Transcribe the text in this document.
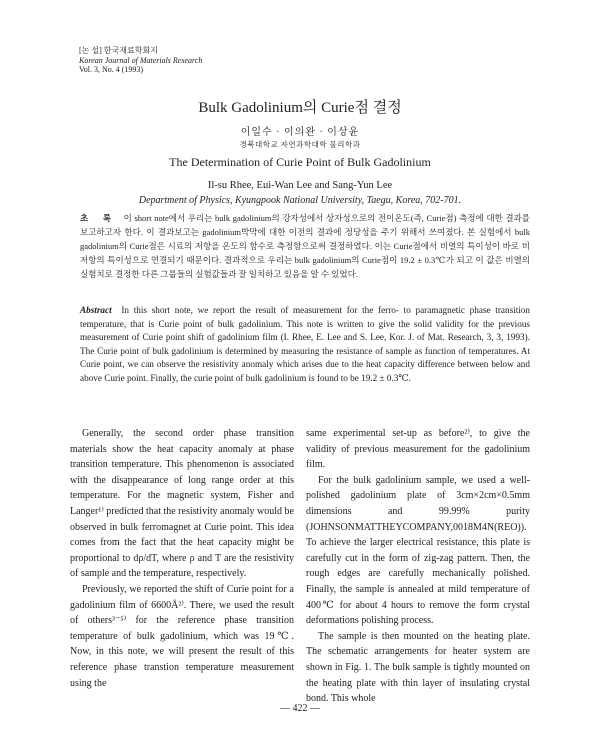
[논 설] 한국재료학회지
Korean Journal of Materials Research
Vol. 3, No. 4 (1993)
Bulk Gadolinium의 Curie점 결정
이일수 · 이의완 · 이상윤
경북대학교 자연과학대학 물리학과
The Determination of Curie Point of Bulk Gadolinium
Il-su Rhee, Eui-Wan Lee and Sang-Yun Lee
Department of Physics, Kyungpook National University, Taegu, Korea, 702-701.
초 록 이 short note에서 우리는 bulk gadolinium의 강자성에서 상자성으로의 전이온도(즉, Curie점) 측정에 대한 결과를 보고하고자 한다. 이 결과보고는 gadolinium박막에 대한 이전의 결과에 정당성을 주기 위해서 쓰여졌다. 본 실험에서 bulk gadolinium의 Curie점은 시료의 저항을 온도의 함수로 측정함으로써 결정하였다. 이는 Curie점에서 비열의 특이성이 바로 비저항의 특이성으로 연결되기 때문이다. 결과적으로 우리는 bulk gadolinium의 Curie점이 19.2 ± 0.3℃가 되고 이 값은 비열의 실험치로 결정한 다른 그룹들의 실험값들과 잘 일치하고 있음을 알 수 있었다.
Abstract In this short note, we report the result of measurement for the ferro- to paramagnetic phase transition temperature, that is Curie point of bulk gadolinium. This note is written to give the solid validity for the previous measurement of Curie point shift of gadolinium film (I. Rhee, E. Lee and S. Lee, Kor. J. of Mat. Research, 3, 3, 1993). The Curie point of bulk gadolinium is determined by measuring the resistance of sample as function of temperatures. At Curie point, we can observe the resistivity anomaly which arises due to the heat capacity difference between below and above Curie point. Finally, the curie point of bulk gadolinium is found to be 19.2 ± 0.3℃.

Generally, the second order phase transition materials show the heat capacity anomaly at phase transition temperature. This phenomenon is associated with the disappearance of long range order at this temperature. For the magnetic system, Fisher and Langer¹⁾ predicted that the resistivity anomaly would be observed in bulk ferromagnet at Curie point. This idea comes from the fact that the heat capacity might be proportional to dρ/dT, where ρ and T are the resistivity of sample and the temperature, respectively.

Previously, we reported the shift of Curie point for a gadolinium film of 6600Å²⁾. There, we used the result of others³⁻⁵⁾ for the reference phase transition temperature of bulk gadolinium, which was 19℃. Now, in this note, we will present the result of this reference phase transtion temperature measurement using the

same experimental set-up as before²⁾, to give the validity of previous measurement for the gadolinium film.

For the bulk gadolinium sample, we used a well-polished gadolinium plate of 3cm×2cm×0.5mm dimensions and 99.99% purity (JOHNSONMATTHEYCOMPANY,0018M4N(REO)). To achieve the larger electrical resistance, this plate is carefully cut in the form of zig-zag pattern. Then, the rough edges are carefully mechanically polished. Finally, the sample is annealed at mild temperature of 400℃ for about 4 hours to remove the form crystal deformations polishing process.

The sample is then mounted on the heating plate. The schematic arrangements for heater system are shown in Fig. 1. The bulk sample is tightly mounted on the heating plate with thin layer of insulating crystal bond. This whole

— 422 —
